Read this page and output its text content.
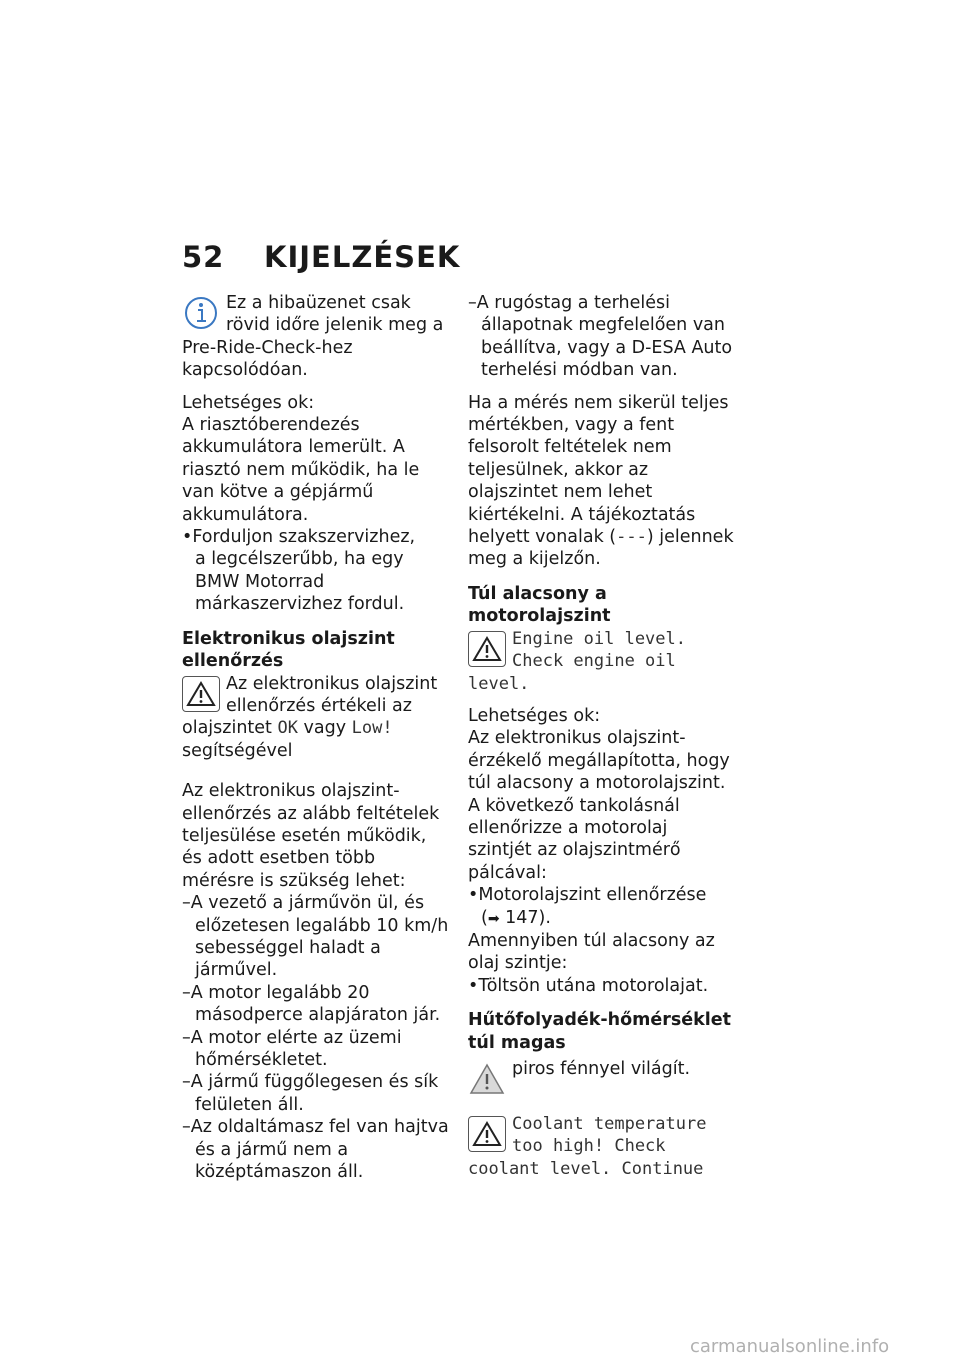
52 KIJELZÉSEK

Ez a hibaüzenet csak rövid időre jelenik meg a Pre-Ride-Check-hez kapcsolódóan.

Lehetséges ok:

A riasztóberendezés akkumulátora lemerült. A riasztó nem működik, ha le van kötve a gépjármű akkumulátora.

•Forduljon szakszervizhez,

a legcélszerűbb, ha egy BMW Motorrad márkaszervizhez fordul.

Elektronikus olajszint ellenőrzés

Az elektronikus olajszint ellenőrzés értékeli az olajszintet OK vagy Low! segítségével

Az elektronikus olajszint-ellenőrzés az alább feltételek teljesülése esetén működik, és adott esetben több mérésre is szükség lehet:

–A vezető a járművön ül, és előzetesen legalább 10 km/h sebességgel haladt a járművel.

–A motor legalább 20 másodperce alapjáraton jár.

–A motor elérte az üzemi hőmérsékletet.

–A jármű függőlegesen és sík felületen áll.

–Az oldaltámasz fel van hajtva és a jármű nem a középtámaszon áll.

–A rugóstag a terhelési állapotnak megfelelően van beállítva, vagy a D-ESA Auto terhelési módban van.

Ha a mérés nem sikerül teljes mértékben, vagy a fent felsorolt feltételek nem teljesülnek, akkor az olajszintet nem lehet kiértékelni. A tájékoztatás helyett vonalak (---) jelennek meg a kijelzőn.

Túl alacsony a motorolajszint

Engine oil level. Check engine oil level.

Lehetséges ok:

Az elektronikus olajszint-érzékelő megállapította, hogy túl alacsony a motorolajszint. A következő tankolásnál ellenőrizze a motorolaj szintjét az olajszintmérő pálcával:

•Motorolajszint ellenőrzése

(➡ 147).

Amennyiben túl alacsony az olaj szintje:

•Töltsön utána motorolajat.

Hűtőfolyadék-hőmérséklet túl magas

piros fénnyel világít.

Coolant temperature too high! Check coolant level. Continue

carmanualsonline.info
